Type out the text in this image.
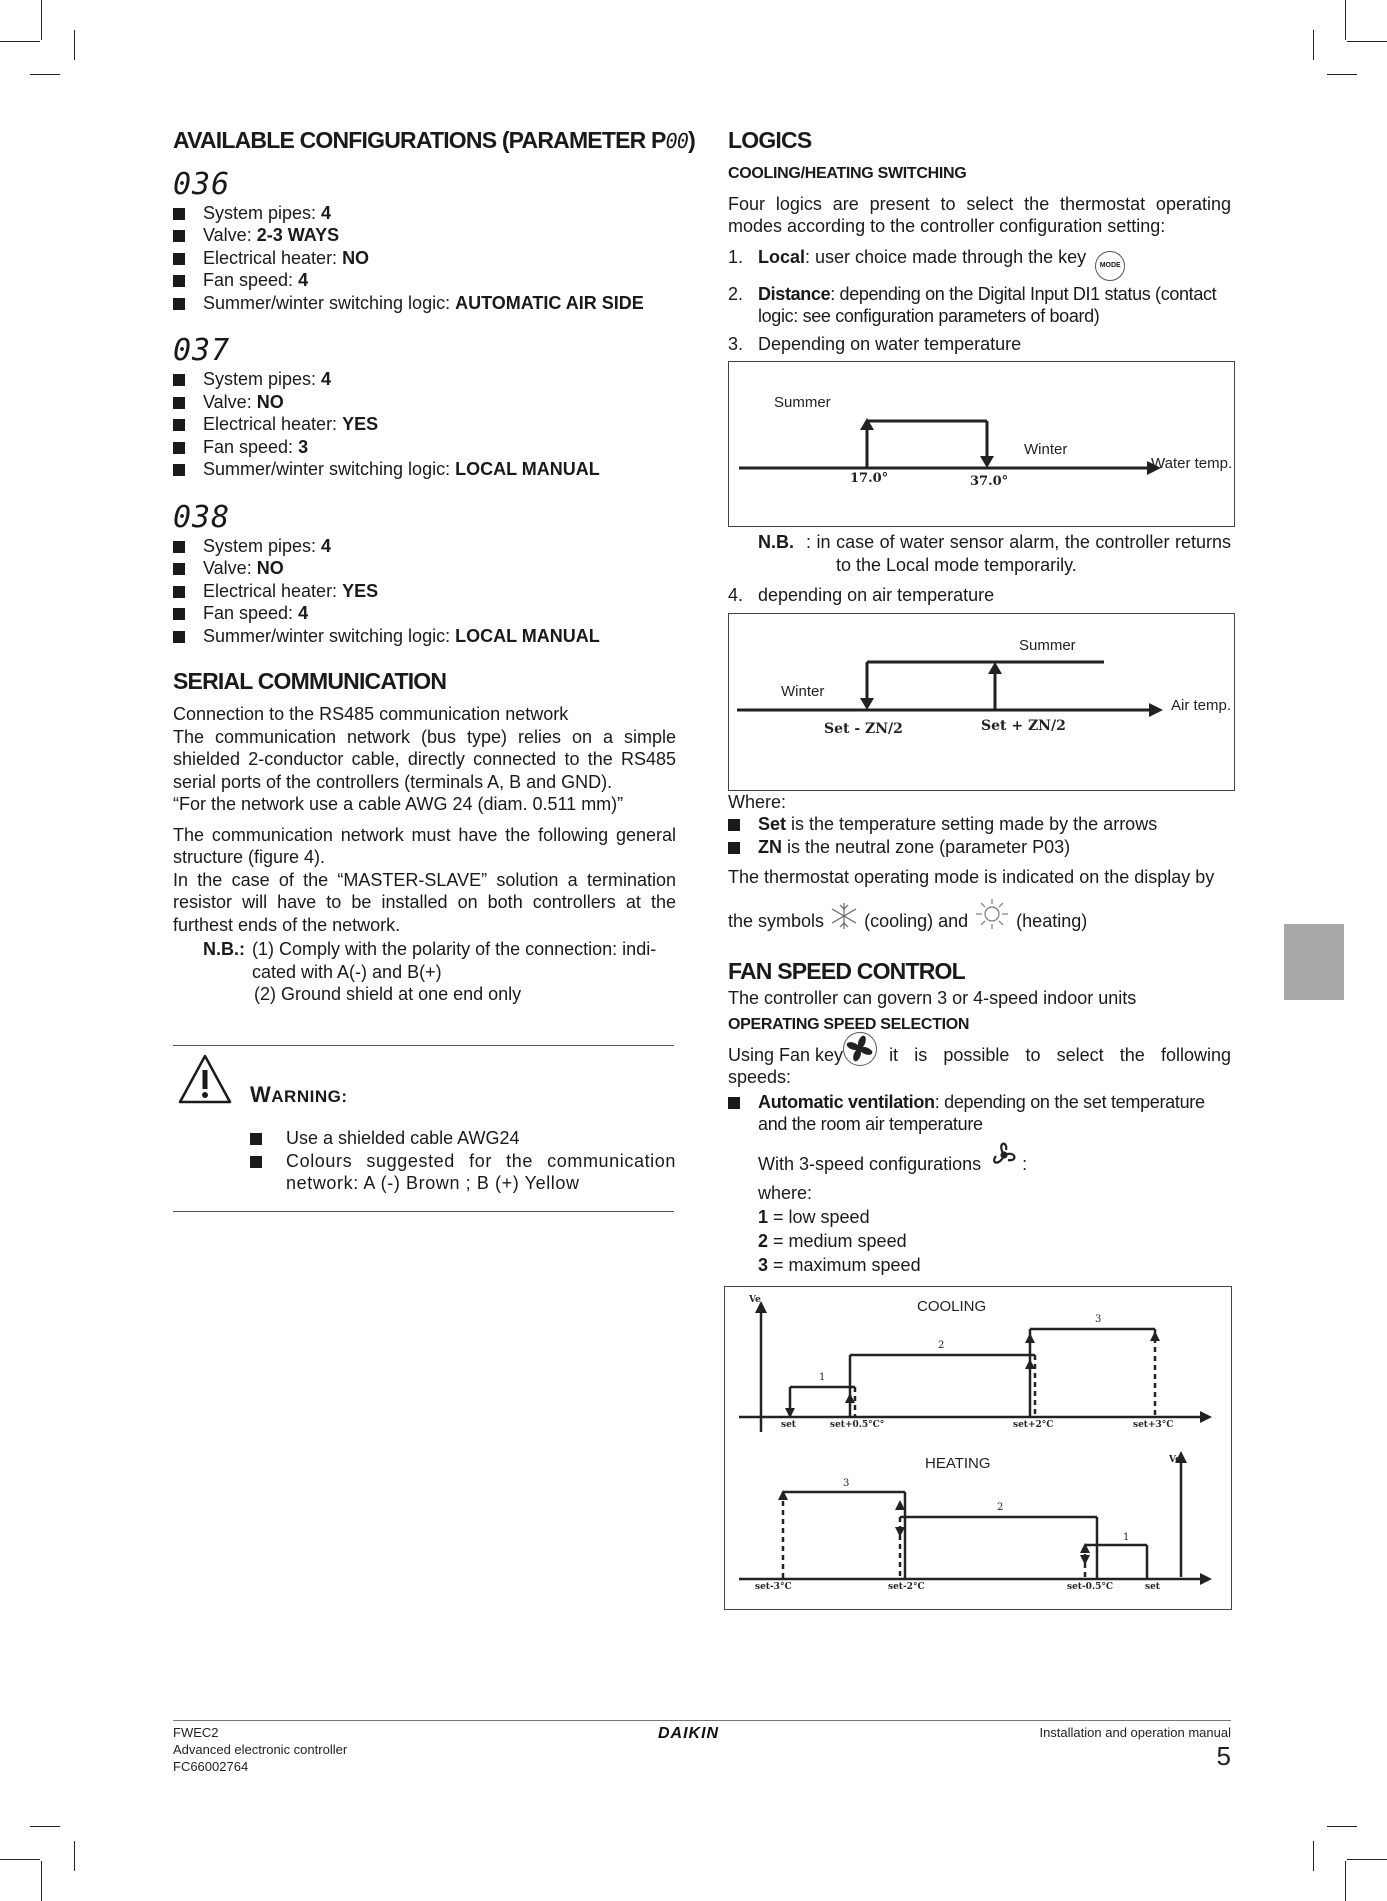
AVAILABLE CONFIGURATIONS (PARAMETER P00)
036
System pipes: 4
Valve: 2-3 WAYS
Electrical heater: NO
Fan speed: 4
Summer/winter switching logic: AUTOMATIC AIR SIDE
037
System pipes: 4
Valve: NO
Electrical heater: YES
Fan speed: 3
Summer/winter switching logic: LOCAL MANUAL
038
System pipes: 4
Valve: NO
Electrical heater: YES
Fan speed: 4
Summer/winter switching logic: LOCAL MANUAL
SERIAL COMMUNICATION

Connection to the RS485 communication network

The communication network (bus type) relies on a simple shielded 2-conductor cable, directly connected to the RS485 serial ports of the controllers (terminals A, B and GND).

“For the network use a cable AWG 24 (diam. 0.511 mm)”

The communication network must have the following general structure (figure 4).

In the case of the “MASTER-SLAVE” solution a termination resistor will have to be installed on both controllers at the furthest ends of the network.

N.B.: (1) Comply with the polarity of the connection: indi-cated with A(-) and B(+)

(2) Ground shield at one end only

WARNING:
Use a shielded cable AWG24
Colours suggested for the communication network: A (-) Brown ; B (+) Yellow
LOGICS
COOLING/HEATING SWITCHING

Four logics are present to select the thermostat operating modes according to the controller configuration setting:

1. Local: user choice made through the key MODE
2. Distance: depending on the Digital Input DI1 status (contact logic: see configuration parameters of board)
3. Depending on water temperature
Summer
Winter
Water temp.
17.0°	37.0°
N.B. : in case of water sensor alarm, the controller returns to the Local mode temporarily.

4. depending on air temperature
Summer
Winter
Air temp.
Set - ZN/2	Set + ZN/2

Where:

Set is the temperature setting made by the arrows
ZN is the neutral zone (parameter P03)

The thermostat operating mode is indicated on the display by

the symbols (cooling) and	(heating)

FAN SPEED CONTROL

The controller can govern 3 or 4-speed indoor units

OPERATING SPEED SELECTION
Using Fan key	it is possible to select the following
speeds:
Automatic ventilation: depending on the set temperature and the room air temperature
With 3-speed configurations :
where:
1 = low speed
2 = medium speed
3 = maximum speed
COOLING
Ve
1
2
3
set	set+0.5°C°	set+2°C	set+3°C
HEATING	Ve
3
2
1
set-3°C	set-2°C	set-0.5°C	set
FWEC2
Advanced electronic controller
FC66002764
DAIKIN	Installation and operation manual
5
